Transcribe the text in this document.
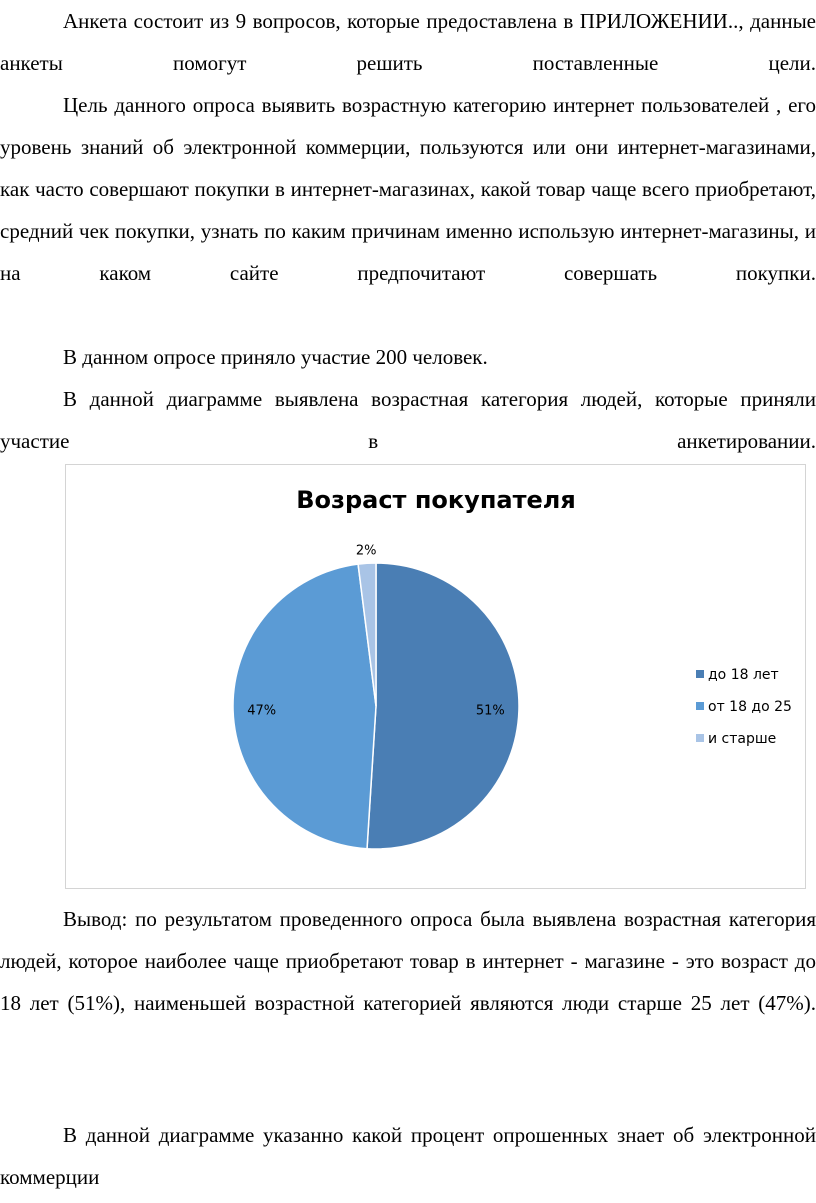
Анкета состоит из 9 вопросов, которые предоставлена в ПРИЛОЖЕНИИ.., данные анкеты помогут решить поставленные цели.

Цель данного опроса выявить возрастную категорию интернет пользователей , его уровень знаний об электронной коммерции, пользуются или они интернет-магазинами, как часто совершают покупки в интернет-магазинах, какой товар чаще всего приобретают, средний чек покупки, узнать по каким причинам именно использую интернет-магазины, и на каком сайте предпочитают совершать покупки.

В данном опросе приняло участие 200 человек.

В данной диаграмме выявлена возрастная категория людей, которые приняли участие в анкетировании.

Возраст покупателя
51%
47%
2%
до 18 лет
от 18 до 25
и старше

Вывод: по результатом проведенного опроса была выявлена возрастная категория людей, которое наиболее чаще приобретают товар в интернет - магазине - это возраст до 18 лет (51%), наименьшей возрастной категорией являются люди старше 25 лет (47%).

В данной диаграмме указанно какой процент опрошенных знает об электронной коммерции
